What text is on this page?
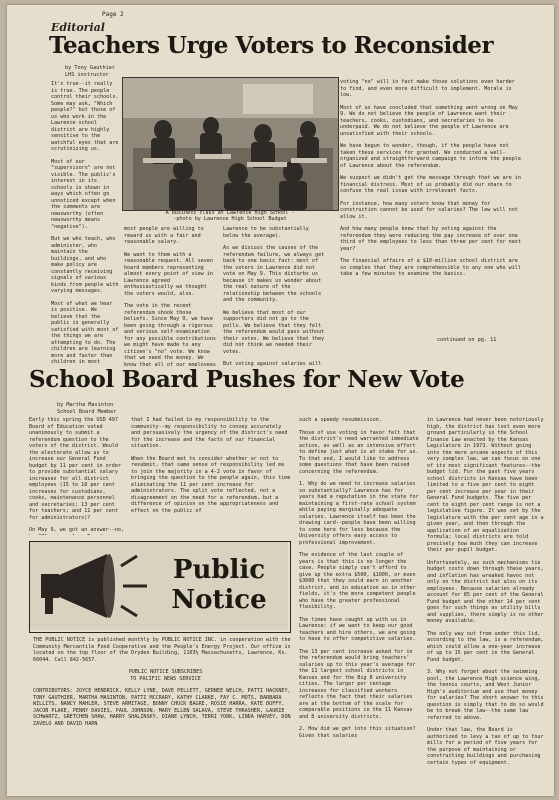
Page 2
Editorial
Teachers Urge Voters to Reconsider
by Tony Gauthier
LHS instructor

It's true--it really is true. The people control their schools. Some may ask, "Which people?" but those of us who work in the Lawrence school district are highly sensitive to the watchful eyes that are scrutinizing us.

Most of our "supervisors" are not visible. The public's interest in its schools is shown in ways which often go unnoticed except when the comments are newsworthy (often newsworthy means "negative").

But we who teach, who administer, who maintain the buildings, and who make policy are constantly receiving signals of various kinds from people with varying messages.

Most of what we hear is positive. We believe that the public is generally satisfied with most of the things we are attempting to do. The children are learning more and faster than children in most

A business class at Lawrence High School --photo by Lawrence High School Budget

most people are willing to reward us with a fair and reasonable salary.

We want to them with a reasonable request. All seven board members representing almost every point of view in Lawrence agreed enthusiastically we thought the voters would, also.

The vote in the recent referendum shook those beliefs. Since May 9, we have been going through a rigorous and serious self-examination for any possible contributions we might have made to any citizen's "no" vote. We know that we need the money. We know that all of our employees

Lawrence to be substantially below the average).

As we discuss the causes of the referendum failure, we always get back to one basic fact: most of the voters in Lawrence did not vote on May 9. This disturbs us because it makes us wonder about the real nature of the relationship between the schools and the community.

We believe that most of our supporters did not go to the polls. We believe that they felt the referendum would pass without their votes. We believe that they did not think we needed their votes.

But voting against salaries will

voting "no" will in fact make those solutions even harder to find, and even more difficult to implement. Morale is low.

Most of us have concluded that something went wrong on May 9. We do not believe the people of Lawrence want their teachers, cooks, custodians, and secretaries to be underpaid. We do not believe the people of Lawrence are unsatisfied with their schools.

We have begun to wonder, though, if the people have not taken these services for granted. We conducted a well-organized and straightforward campaign to inform the people of Lawrence about the referendum.

We suspect we didn't get the message through that we are in financial distress. Most of us probably did our share to confuse the real issue with irrelevant facts.

For instance, how many voters know that money for construction cannot be used for salaries? The law will not allow it.

And how many people knew that by voting against the referendum they were reducing the pay increase of over one third of the employees to less than three per cent for next year?

The financial affairs of a $10-million school district are so complex that they are comprehensible to any one who will take a few minutes to examine the basics.

continued on pg. 11
School Board Pushes for New Vote
by Martha Masinton
School Board Member

Early this spring the USD 497 Board of Education voted unanimously to submit a referendum question to the voters of the district. Would the electorate allow us to increase our General Fund budget by 11 per cent in order to provide substantial salary increases for all district employees (15 to 18 per cent increases for custodians, cooks, maintenance personnel and secretaries; 13 per cent for teachers; and 11 per cent for administrators)?

On May 9, we got an answer--no,

that I had failed in my responsibility to the community--my responsibility to convey accurately and persuasively the urgency of the district's need for the increase and the facts of our financial situation.

When the Board met to consider whether or not to resubmit, that same sense of responsibility led me to join the majority in a 4-2 vote in favor of bringing the question to the people again, this time eliminating the 11 per cent increase for administrators. The split vote reflected, not a disagreement on the need for a referendum, but a difference of opinion on the appropriateness and effect on the public of

such a speedy resubmission.

Those of use voting in favor felt that the district's need warranted immediate action, as well as an intensive effort to define just what is at stake for us. To that end, I would like to address some questions that have been raised concerning the referendum.

1. Why do we need to increase salaries so substantially? Lawrence has for years had a reputation in the state for maintaining a first-rate school system while paying marginally adequate salaries. Lawrence itself has been the drawing card--people have been willing to come here for less because the University offers easy access to professional improvement.

The evidence of the last couple of years is that this is no longer the case. People simply can't afford to give up the extra $500, $1000, or even $3000 that they could earn in another district, and in education as in other fields, it's the more competent people who have the greater professional flexibility.

The times have caught up with us in Lawrence: if we want to keep our good teachers and hire others, we are going to have to offer competitive salaries.

The 13 per cent increase asked for in the referendum would bring teachers' salaries up to this year's average for the 11 largest school districts in Kansas and for the Big 8 university cities. The larger per centage increases for classified workers reflects the fact that their salaries are at the bottom of the scale for comparable positions in the 11 Kansas and 8 university districts.

2. How did we get into this situation? Given that salaries

in Lawrence had never been notoriously high, the district has lost even more ground particularly in the School Finance Law enacted by the Kansas Legislature in 1973. Without going into the more arcane aspects of this very complex law, we can focus on one of its most significant features--the budget lid. For the past five years school districts in Kansas have been limited to a five per cent to eight per cent increase per year in their General Fund budgets. The five per cent to eight per cent range is not a legislative figure. It was set by the legislature with the per cent age in a given year, and then through the application of an equalization formula; local districts are told precisely how much they can increase their per-pupil budget.

Unfortunately, as such mechanisms tie budget costs down through these years, and inflation has wreaked havoc not only on the district but also on its employees. Because salaries already account for 85 per cent of the General Fund budget and the other 14 per cent goes for such things as utility bills and supplies, there simply is no other money available.

The only way out from under this lid, according to the law, is a referendum, which could allow a one-year increase of up to 15 per cent in the General Fund budget.

3. Why not forget about the swimming pool, the Lawrence High science wing, the tennis courts, and West Junior High's auditorium and use that money for salaries? The short answer to this question is simply that to do so would be to break the law--the same law referred to above.

Under that law, the Board is authorized to levy a tax of up to four mills for a period of five years for the purpose of maintaining or constructing buildings and purchasing certain types of equipment.

Public
Notice
THE PUBLIC NOTICE is published monthly by PUBLIC NOTICE INC. in cooperation with the Community Mercantile Food Cooperative and the People's Energy Project. Our office is located on the top floor of the Dryden Building, 1103½ Massachusetts, Lawrence, Ks. 66044. Call 842-5657.
PUBLIC NOTICE SUBSCRIBES
TO PACIFIC NEWS SERVICE
CONTRIBUTORS: JOYCE HENDRICK, KELLY LYNE, DAVE PELLETT, GERNEE WELCH, PATTI HACKNEY, TONY GAUTHIER, MARTHA MASINTON, PATTI MCCRARY, KATHY CLARKE, FAY C. MOTS, BARBARA WILLITS, NANCY MAHLER, STEVE ARMITAGE, BONNY CHUCK BAGRE, ROSIE HARRA, KATE DUFFY, JACOB PLAKE, PENNY DAVIES, PAUL JOHNSON, MARY ELLEN SALAVA, STEVE THRASHER, LAURIE SCHWARTZ, GRETCHEN SHAW, HARRY SHALINSKY, DIANE LYNCH, TERRI YORK, LINDA HARVEY, DON ZAVELO AND DAVID HARN
